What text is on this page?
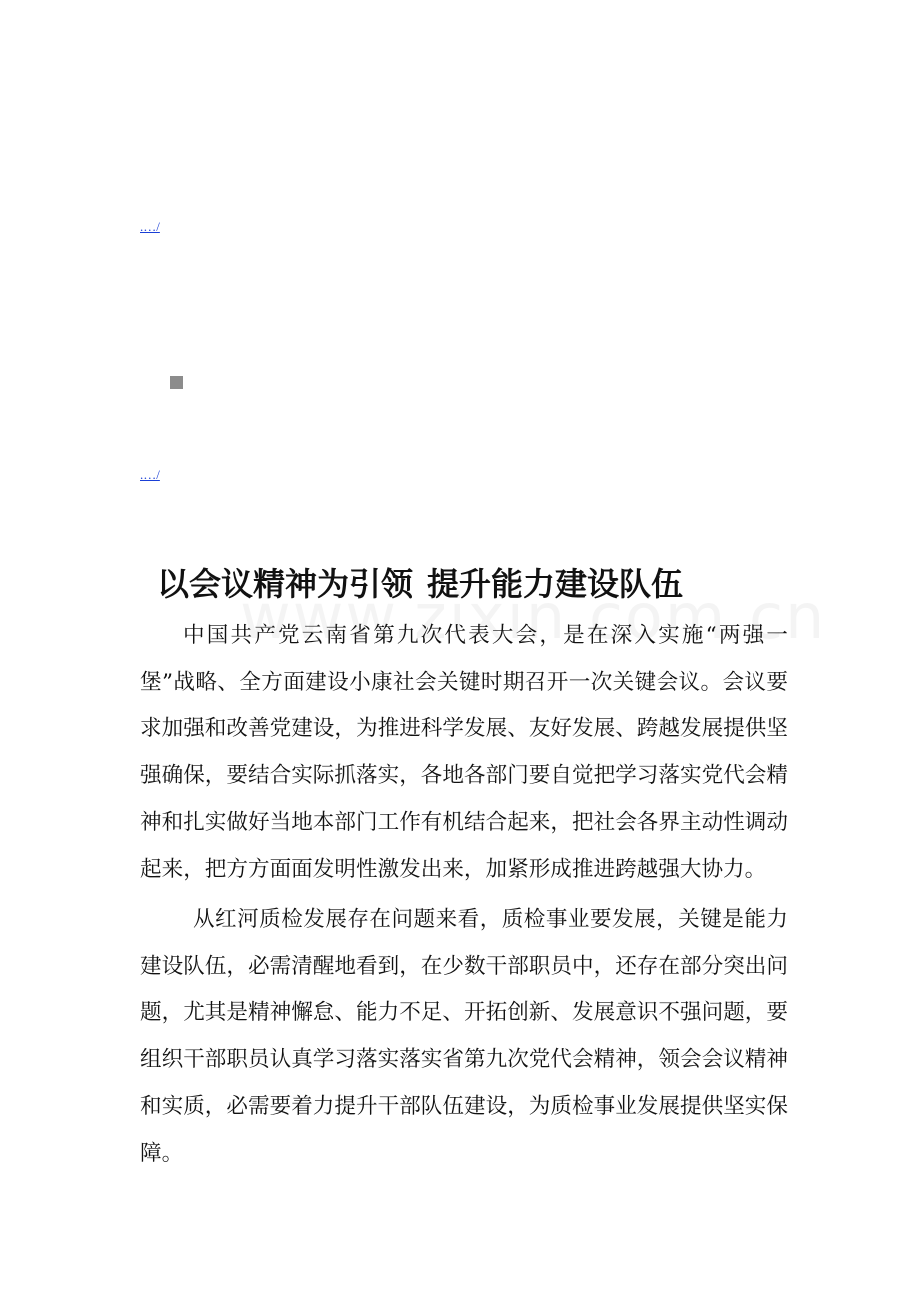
.…/
.…/
以会议精神为引领 提升能力建设队伍

中国共产党云南省第九次代表大会，是在深入实施“两强一堡”战略、全方面建设小康社会关键时期召开一次关键会议。会议要求加强和改善党建设，为推进科学发展、友好发展、跨越发展提供坚强确保，要结合实际抓落实，各地各部门要自觉把学习落实党代会精神和扎实做好当地本部门工作有机结合起来，把社会各界主动性调动起来，把方方面面发明性激发出来，加紧形成推进跨越强大协力。

从红河质检发展存在问题来看，质检事业要发展，关键是能力建设队伍，必需清醒地看到，在少数干部职员中，还存在部分突出问题，尤其是精神懈怠、能力不足、开拓创新、发展意识不强问题，要组织干部职员认真学习落实落实省第九次党代会精神，领会会议精神和实质，必需要着力提升干部队伍建设，为质检事业发展提供坚实保障。
